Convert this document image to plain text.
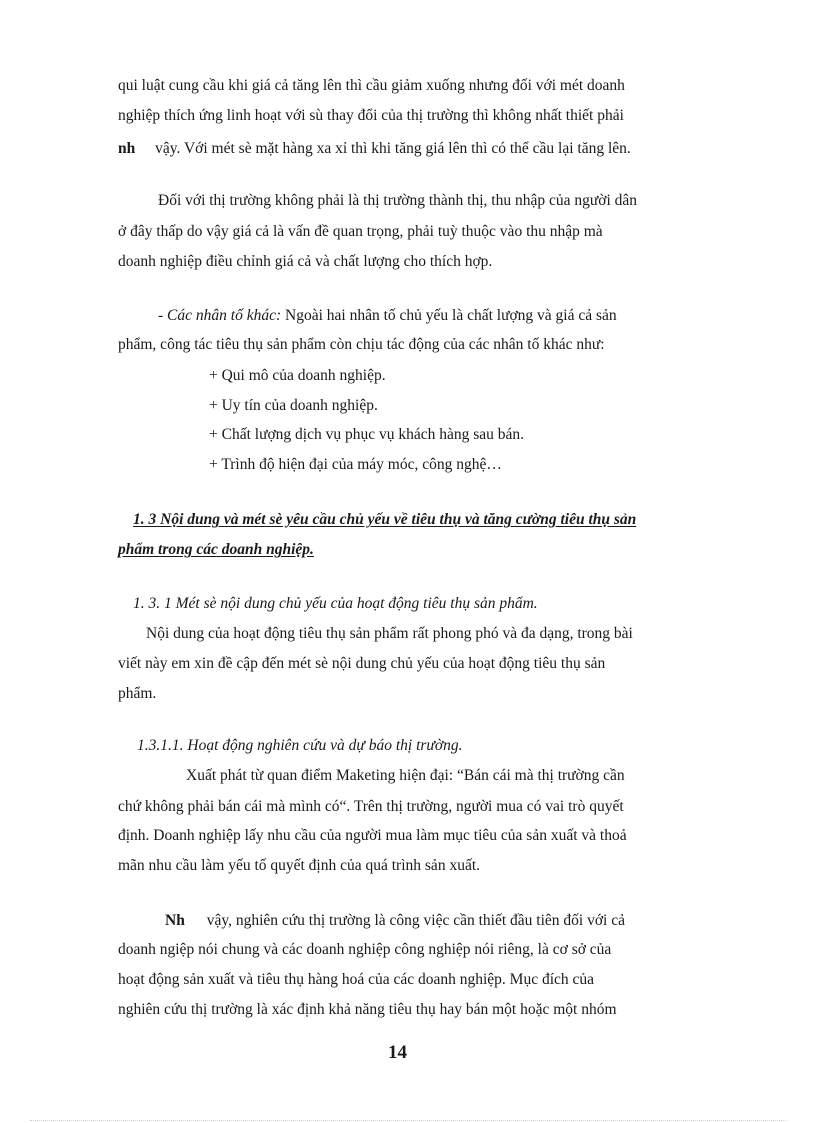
qui luật cung cầu khi giá cả tăng lên thì cầu giảm xuống nhưng đối với mét doanh
nghiệp thích ứng linh hoạt với sù thay đổi của thị trường thì không nhất thiết phải
nh vậy. Với mét sè mặt hàng xa xỉ thì khi tăng giá lên thì có thể cầu lại tăng lên.
Đối với thị trường không phải là thị trường thành thị, thu nhập của người dân
ở đây thấp do vậy giá cả là vấn đề quan trọng, phải tuỳ thuộc vào thu nhập mà
doanh nghiệp điều chỉnh giá cả và chất lượng cho thích hợp.
- Các nhân tố khác: Ngoài hai nhân tố chủ yếu là chất lượng và giá cả sản
phẩm, công tác tiêu thụ sản phẩm còn chịu tác động của các nhân tố khác như:
+ Qui mô của doanh nghiệp.
+ Uy tín của doanh nghiệp.
+ Chất lượng dịch vụ phục vụ khách hàng sau bán.
+ Trình độ hiện đại của máy móc, công nghệ…
1. 3 Nội dung và mét sè yêu cầu chủ yếu về tiêu thụ và tăng cường tiêu thụ sản
phẩm trong các doanh nghiệp.
1. 3. 1 Mét sè nội dung chủ yếu của hoạt động tiêu thụ sản phẩm.
Nội dung của hoạt động tiêu thụ sản phẩm rất phong phó và đa dạng, trong bài
viết này em xin đề cập đến mét sè nội dung chủ yếu của hoạt động tiêu thụ sản
phẩm.
1.3.1.1. Hoạt động nghiên cứu và dự báo thị trường.
Xuất phát từ quan điểm Maketing hiện đại: “Bán cái mà thị trường cần
chứ không phải bán cái mà mình có“. Trên thị trường, người mua có vai trò quyết
định. Doanh nghiệp lấy nhu cầu của người mua làm mục tiêu của sản xuất và thoả
mãn nhu cầu làm yếu tố quyết định của quá trình sản xuất.
Nh vậy, nghiên cứu thị trường là công việc cần thiết đầu tiên đối với cả
doanh ngiệp nói chung và các doanh nghiệp công nghiệp nói riêng, là cơ sở của
hoạt động sản xuất và tiêu thụ hàng hoá của các doanh nghiệp. Mục đích của
nghiên cứu thị trường là xác định khả năng tiêu thụ hay bán một hoặc một nhóm
14
